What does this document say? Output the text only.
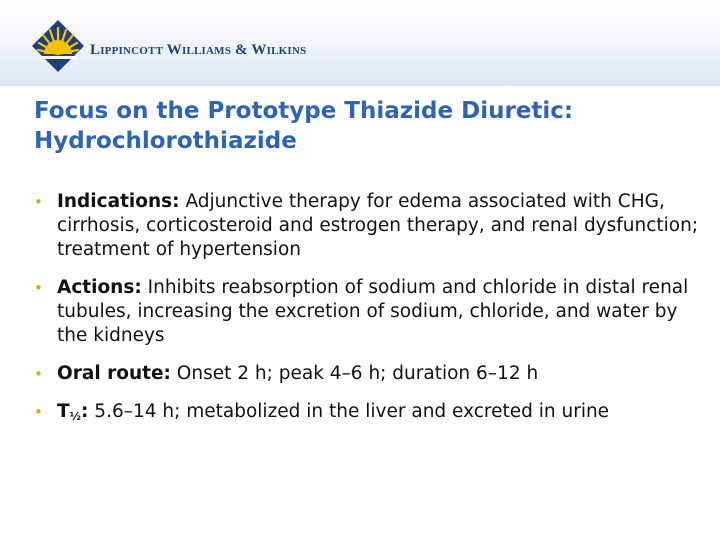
Lippincott Williams & Wilkins
Focus on the Prototype Thiazide Diuretic: Hydrochlorothiazide
• Indications: Adjunctive therapy for edema associated with CHG, cirrhosis, corticosteroid and estrogen therapy, and renal dysfunction; treatment of hypertension
• Actions: Inhibits reabsorption of sodium and chloride in distal renal tubules, increasing the excretion of sodium, chloride, and water by the kidneys
• Oral route: Onset 2 h; peak 4–6 h; duration 6–12 h
• T½: 5.6–14 h; metabolized in the liver and excreted in urine
